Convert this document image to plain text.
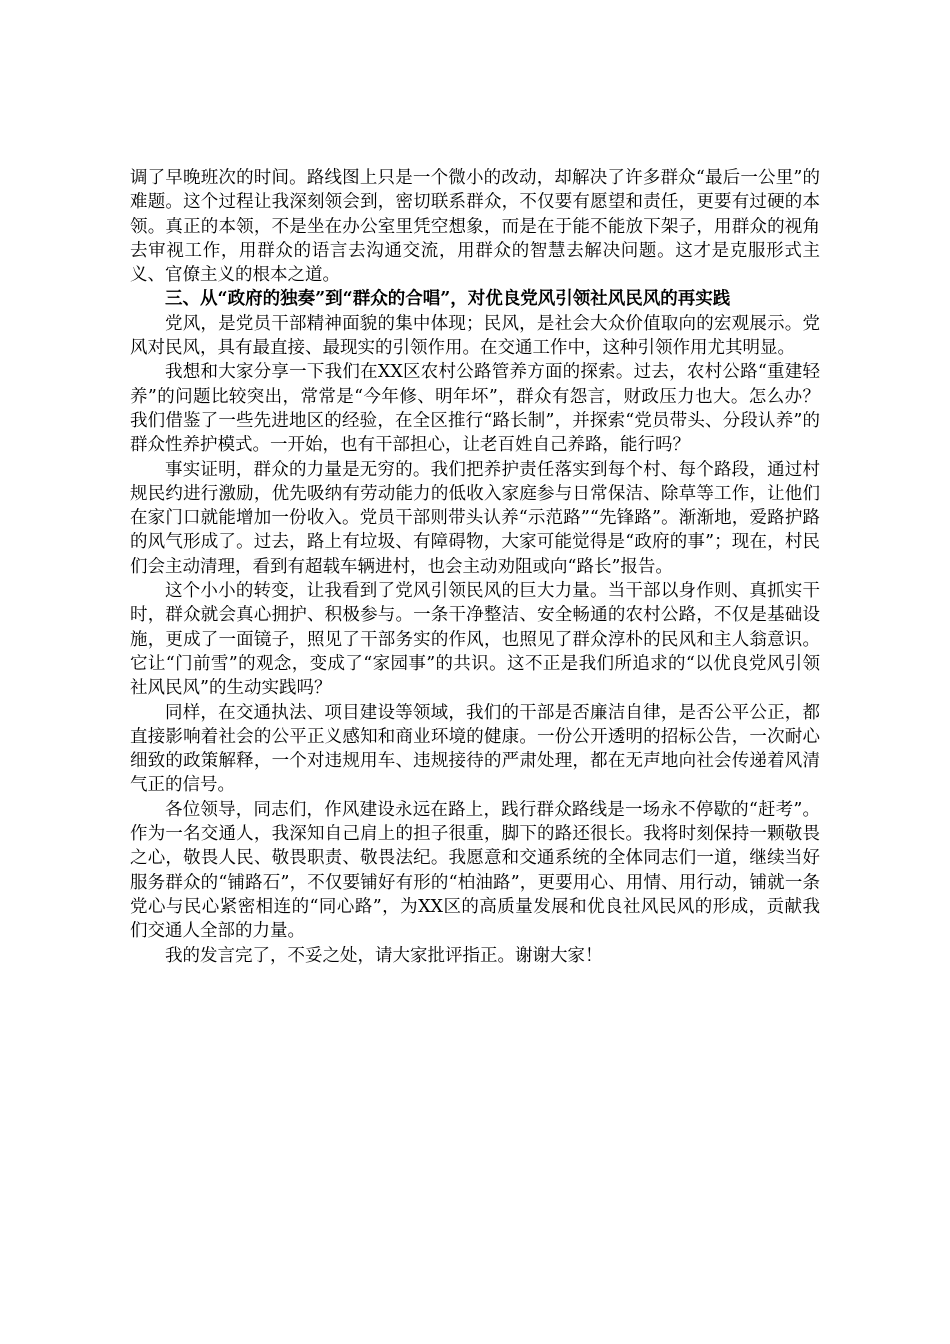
调了早晚班次的时间。路线图上只是一个微小的改动，却解决了许多群众“最后一公里”的难题。这个过程让我深刻领会到，密切联系群众，不仅要有愿望和责任，更要有过硬的本领。真正的本领，不是坐在办公室里凭空想象，而是在于能不能放下架子，用群众的视角去审视工作，用群众的语言去沟通交流，用群众的智慧去解决问题。这才是克服形式主义、官僚主义的根本之道。

三、从“政府的独奏”到“群众的合唱”，对优良党风引领社风民风的再实践

党风，是党员干部精神面貌的集中体现；民风，是社会大众价值取向的宏观展示。党风对民风，具有最直接、最现实的引领作用。在交通工作中，这种引领作用尤其明显。

我想和大家分享一下我们在XX区农村公路管养方面的探索。过去，农村公路“重建轻养”的问题比较突出，常常是“今年修、明年坏”，群众有怨言，财政压力也大。怎么办？我们借鉴了一些先进地区的经验，在全区推行“路长制”，并探索“党员带头、分段认养”的群众性养护模式。一开始，也有干部担心，让老百姓自己养路，能行吗？

事实证明，群众的力量是无穷的。我们把养护责任落实到每个村、每个路段，通过村规民约进行激励，优先吸纳有劳动能力的低收入家庭参与日常保洁、除草等工作，让他们在家门口就能增加一份收入。党员干部则带头认养“示范路”“先锋路”。渐渐地，爱路护路的风气形成了。过去，路上有垃圾、有障碍物，大家可能觉得是“政府的事”；现在，村民们会主动清理，看到有超载车辆进村，也会主动劝阻或向“路长”报告。

这个小小的转变，让我看到了党风引领民风的巨大力量。当干部以身作则、真抓实干时，群众就会真心拥护、积极参与。一条干净整洁、安全畅通的农村公路，不仅是基础设施，更成了一面镜子，照见了干部务实的作风，也照见了群众淳朴的民风和主人翁意识。它让“门前雪”的观念，变成了“家园事”的共识。这不正是我们所追求的“以优良党风引领社风民风”的生动实践吗？

同样，在交通执法、项目建设等领域，我们的干部是否廉洁自律，是否公平公正，都直接影响着社会的公平正义感知和商业环境的健康。一份公开透明的招标公告，一次耐心细致的政策解释，一个对违规用车、违规接待的严肃处理，都在无声地向社会传递着风清气正的信号。

各位领导，同志们，作风建设永远在路上，践行群众路线是一场永不停歇的“赶考”。作为一名交通人，我深知自己肩上的担子很重，脚下的路还很长。我将时刻保持一颗敬畏之心，敬畏人民、敬畏职责、敬畏法纪。我愿意和交通系统的全体同志们一道，继续当好服务群众的“铺路石”，不仅要铺好有形的“柏油路”，更要用心、用情、用行动，铺就一条党心与民心紧密相连的“同心路”，为XX区的高质量发展和优良社风民风的形成，贡献我们交通人全部的力量。

我的发言完了，不妥之处，请大家批评指正。谢谢大家！
